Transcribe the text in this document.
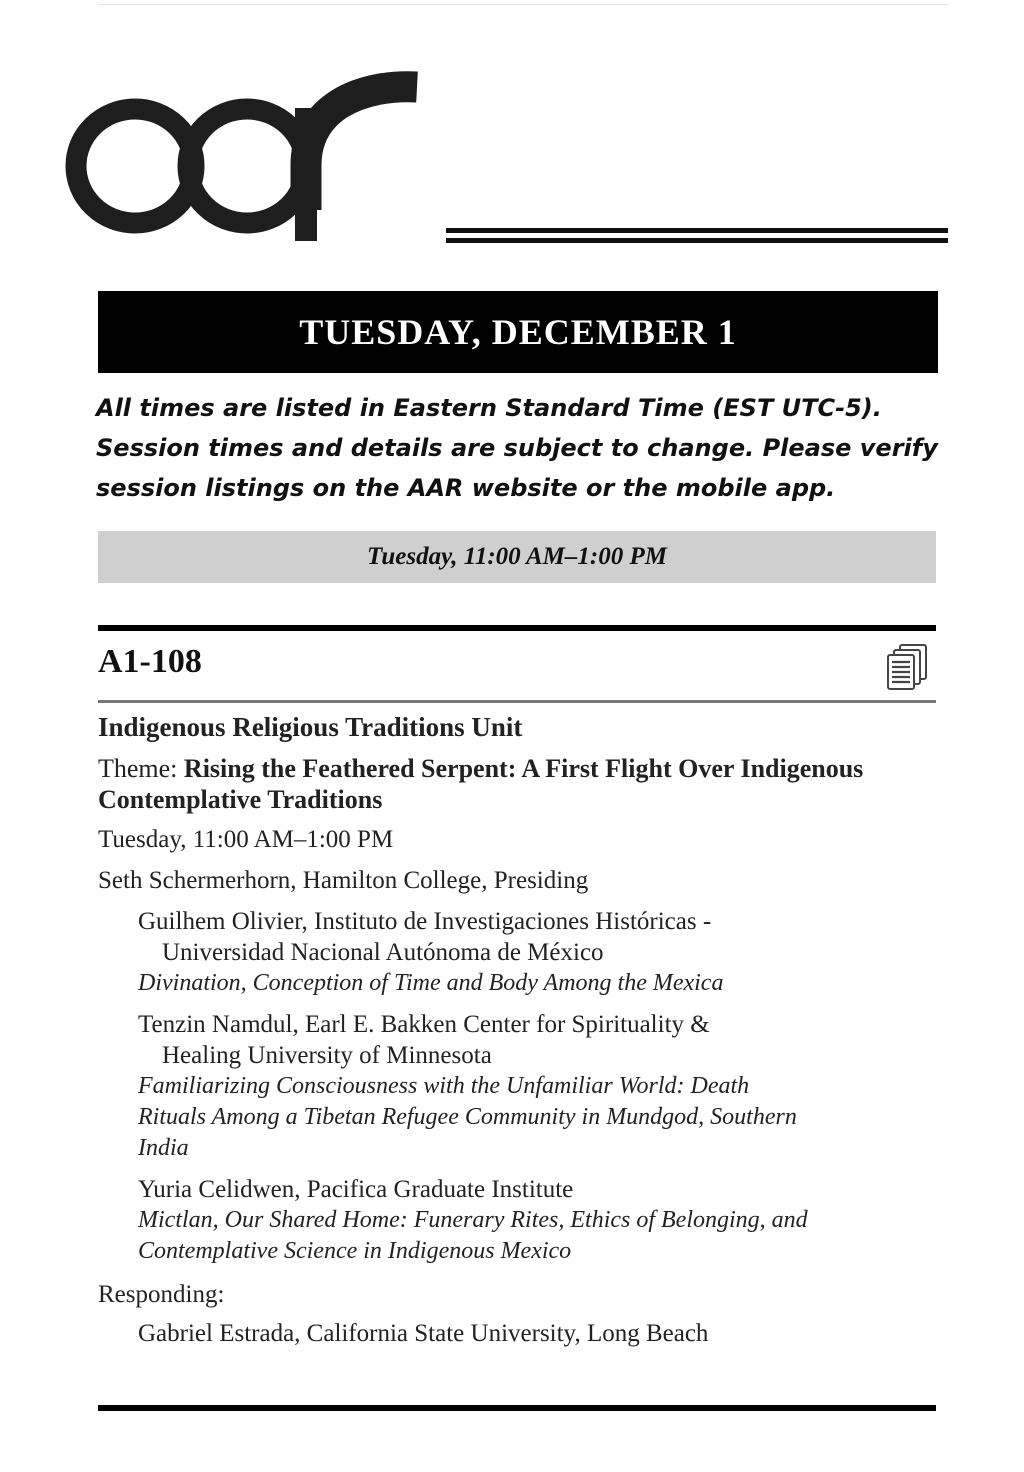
TUESDAY, DECEMBER 1

All times are listed in Eastern Standard Time (EST UTC-5).
Session times and details are subject to change. Please verify
session listings on the AAR website or the mobile app.

Tuesday, 11:00 AM–1:00 PM
A1-108
Indigenous Religious Traditions Unit
Theme: Rising the Feathered Serpent: A First Flight Over Indigenous Contemplative Traditions
Tuesday, 11:00 AM–1:00 PM
Seth Schermerhorn, Hamilton College, Presiding
Guilhem Olivier, Instituto de Investigaciones Históricas -
Universidad Nacional Autónoma de México
Divination, Conception of Time and Body Among the Mexica
Tenzin Namdul, Earl E. Bakken Center for Spirituality &
Healing University of Minnesota
Familiarizing Consciousness with the Unfamiliar World: Death
Rituals Among a Tibetan Refugee Community in Mundgod, Southern
India
Yuria Celidwen, Pacifica Graduate Institute
Mictlan, Our Shared Home: Funerary Rites, Ethics of Belonging, and
Contemplative Science in Indigenous Mexico
Responding:
Gabriel Estrada, California State University, Long Beach
